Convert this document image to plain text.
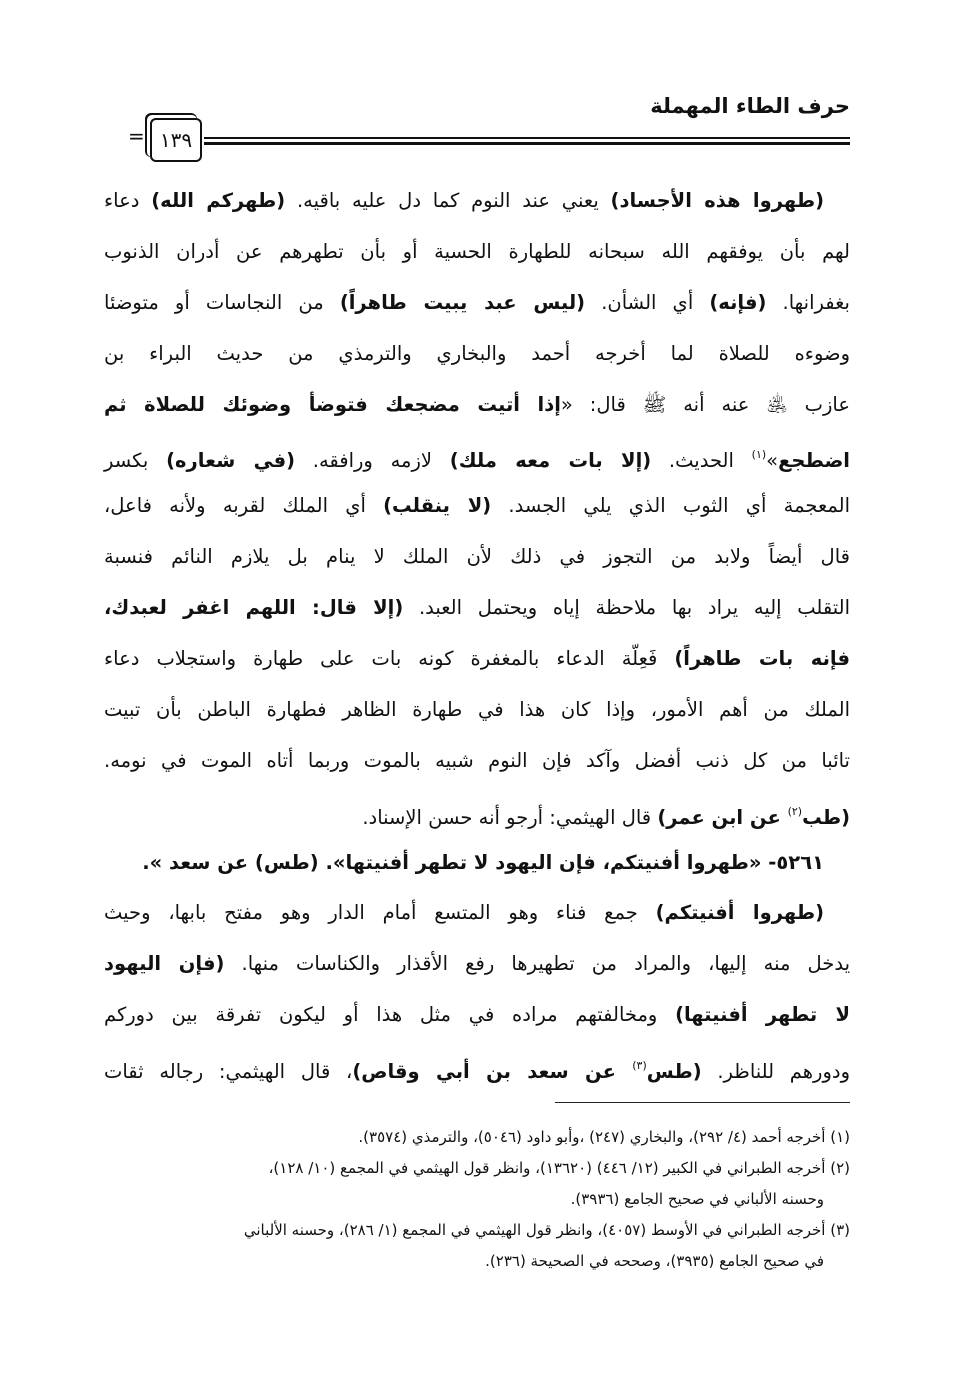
حرف الطاء المهملة
١٣٩
=
(طهروا هذه الأجساد) يعني عند النوم كما دل عليه باقيه. (طهركم الله) دعاء
لهم بأن يوفقهم الله سبحانه للطهارة الحسية أو بأن تطهرهم عن أدران الذنوب
بغفرانها. (فإنه) أي الشأن. (ليس عبد يبيت طاهراً) من النجاسات أو متوضئا
وضوءه للصلاة لما أخرجه أحمد والبخاري والترمذي من حديث البراء بن
عازب ﵁ عنه أنه ﷺ قال: «إذا أتيت مضجعك فتوضأ وضوئك للصلاة ثم
اضطجع»$^{(١)}$ الحديث. (إلا بات معه ملك) لازمه ورافقه. (في شعاره) بكسر
المعجمة أي الثوب الذي يلي الجسد. (لا ينقلب) أي الملك لقربه ولأنه فاعل،
قال أيضاً ولابد من التجوز في ذلك لأن الملك لا ينام بل يلازم النائم فنسبة
التقلب إليه يراد بها ملاحظة إياه ويحتمل العبد. (إلا قال: اللهم اغفر لعبدك،
فإنه بات طاهراً) فَعِلّة الدعاء بالمغفرة كونه بات على طهارة واستجلاب دعاء
الملك من أهم الأمور، وإذا كان هذا في طهارة الظاهر فطهارة الباطن بأن تبيت
تائبا من كل ذنب أفضل وآكد فإن النوم شبيه بالموت وربما أتاه الموت في نومه.
(طب$^{(٢)}$ عن ابن عمر) قال الهيثمي: أرجو أنه حسن الإسناد.
٥٢٦١- «طهروا أفنيتكم، فإن اليهود لا تطهر أفنيتها». (طس) عن سعد ».
(طهروا أفنيتكم) جمع فناء وهو المتسع أمام الدار وهو مفتح بابها، وحيث
يدخل منه إليها، والمراد من تطهيرها رفع الأقذار والكناسات منها. (فإن اليهود
لا تطهر أفنيتها) ومخالفتهم مراده في مثل هذا أو ليكون تفرقة بين دوركم
ودورهم للناظر. (طس$^{(٣)}$ عن سعد بن أبي وقاص)، قال الهيثمي: رجاله ثقات
(١) أخرجه أحمد (٤/ ٢٩٢)، والبخاري (٢٤٧) ،وأبو داود (٥٠٤٦)، والترمذي (٣٥٧٤).
(٢) أخرجه الطبراني في الكبير (١٢/ ٤٤٦) (١٣٦٢٠)، وانظر قول الهيثمي في المجمع (١٠/ ١٢٨)،
وحسنه الألباني في صحيح الجامع (٣٩٣٦).
(٣) أخرجه الطبراني في الأوسط (٤٠٥٧)، وانظر قول الهيثمي في المجمع (١/ ٢٨٦)، وحسنه الألباني
في صحيح الجامع (٣٩٣٥)، وصححه في الصحيحة (٢٣٦).
